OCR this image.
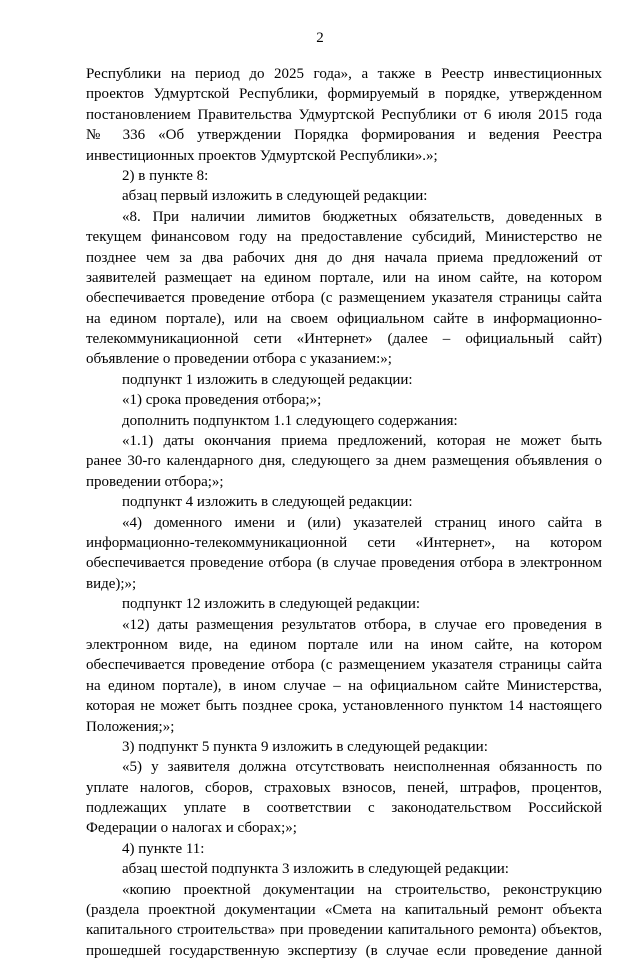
2
Республики на период до 2025 года», а также в Реестр инвестиционных
проектов Удмуртской Республики, формируемый в порядке, утвержденном
постановлением Правительства Удмуртской Республики от 6 июля 2015 года
№ 336 «Об утверждении Порядка формирования и ведения Реестра
инвестиционных проектов Удмуртской Республики».»;
2) в пункте 8:
абзац первый изложить в следующей редакции:
«8. При наличии лимитов бюджетных обязательств, доведенных в
текущем финансовом году на предоставление субсидий, Министерство не
позднее чем за два рабочих дня до дня начала приема предложений от
заявителей размещает на едином портале, или на ином сайте, на котором
обеспечивается проведение отбора (с размещением указателя страницы сайта
на едином портале), или на своем официальном сайте в информационно-
телекоммуникационной сети «Интернет» (далее – официальный сайт)
объявление о проведении отбора с указанием:»;
подпункт 1 изложить в следующей редакции:
«1) срока проведения отбора;»;
дополнить подпунктом 1.1 следующего содержания:
«1.1) даты окончания приема предложений, которая не может быть
ранее 30-го календарного дня, следующего за днем размещения объявления о
проведении отбора;»;
подпункт 4 изложить в следующей редакции:
«4) доменного имени и (или) указателей страниц иного сайта в
информационно-телекоммуникационной сети «Интернет», на котором
обеспечивается проведение отбора (в случае проведения отбора в электронном
виде);»;
подпункт 12 изложить в следующей редакции:
«12) даты размещения результатов отбора, в случае его проведения в
электронном виде, на едином портале или на ином сайте, на котором
обеспечивается проведение отбора (с размещением указателя страницы сайта
на едином портале), в ином случае – на официальном сайте Министерства,
которая не может быть позднее срока, установленного пунктом 14 настоящего
Положения;»;
3) подпункт 5 пункта 9 изложить в следующей редакции:
«5) у заявителя должна отсутствовать неисполненная обязанность по
уплате налогов, сборов, страховых взносов, пеней, штрафов, процентов,
подлежащих уплате в соответствии с законодательством Российской
Федерации о налогах и сборах;»;
4) пункте 11:
абзац шестой подпункта 3 изложить в следующей редакции:
«копию проектной документации на строительство, реконструкцию
(раздела проектной документации «Смета на капитальный ремонт объекта
капитального строительства» при проведении капитального ремонта) объектов,
прошедшей государственную экспертизу (в случае если проведение данной
